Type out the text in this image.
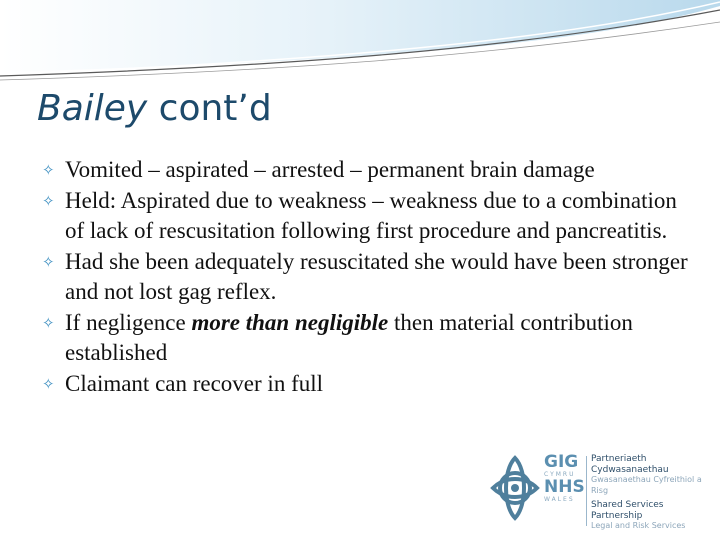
Bailey cont’d
✧ Vomited – aspirated – arrested – permanent brain damage
✧ Held: Aspirated due to weakness – weakness due to a combination of lack of rescusitation following first procedure and pancreatitis.
✧ Had she been adequately resuscitated she would have been stronger and not lost gag reflex.
✧ If negligence more than negligible then material contribution established
✧ Claimant can recover in full
GIG
CYMRU
NHS
WALES
Partneriaeth
Cydwasanaethau
Gwasanaethau Cyfreithiol a Risg
Shared Services
Partnership
Legal and Risk Services
